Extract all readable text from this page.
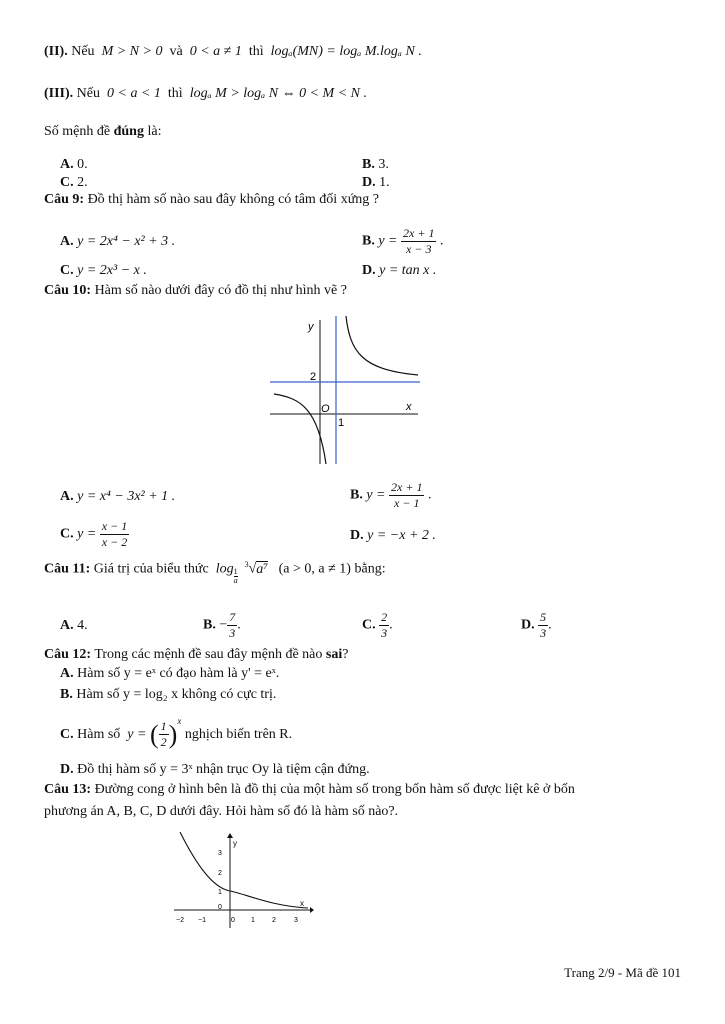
(II). Nếu M > N > 0 và 0 < a ≠ 1 thì logₐ(MN) = logₐ M.logₐ N .
(III). Nếu 0 < a < 1 thì logₐ M > logₐ N ⇔ 0 < M < N .
Số mệnh đề đúng là:
A. 0.	B. 3.
C. 2.	D. 1.
Câu 9: Đồ thị hàm số nào sau đây không có tâm đối xứng ?
A. y = 2x⁴ − x² + 3 .	B. $y = \frac{2x + 1}{x - 3}$ .
C. y = 2x³ − x .	D. y = tan x .
Câu 10: Hàm số nào dưới đây có đồ thị như hình vẽ ?
y
x
O
2
1
A. y = x⁴ − 3x² + 1 .	B. $y = \frac{2x + 1}{x - 1}$ .
C. $y = \frac{x - 1}{x - 2}$	D. y = −x + 2 .
Câu 11: Giá trị của biểu thức $\log \frac{1}{a}$
$^3$√a⁷ (a > 0, a ≠ 1) bằng:
A. 4.	B. − $\frac{7}{3}$ .	C. $\frac{2}{3}$ .	D. $\frac{5}{3}$ .
Câu 12: Trong các mệnh đề sau đây mệnh đề nào sai?
A. Hàm số y = eˣ có đạo hàm là y' = eˣ.
B. Hàm số y = log₂ x không có cực trị.
C. Hàm số y = ( $\frac{1}{2} )^x$ nghịch biến trên R.
D. Đồ thị hàm số y = 3ˣ nhận trục Oy là tiệm cận đứng.
Câu 13: Đường cong ở hình bên là đồ thị của một hàm số trong bốn hàm số được liệt kê ở bốn
phương án A, B, C, D dưới đây. Hỏi hàm số đó là hàm số nào?.
y
x
−2 −1	0 1 2	3
3
2
1
0
Trang 2/9 - Mã đề 101
